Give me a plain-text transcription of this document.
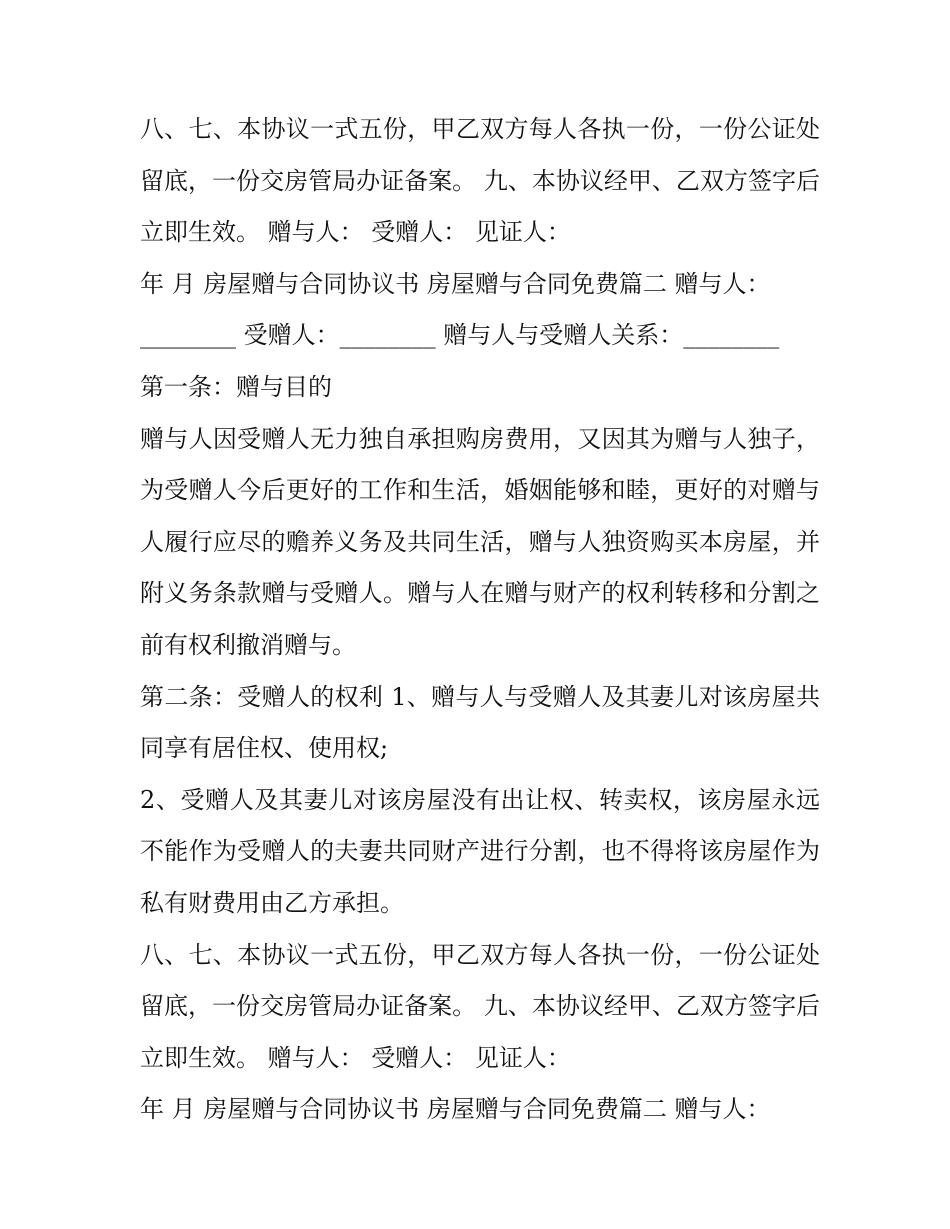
八、七、本协议一式五份，甲乙双方每人各执一份，一份公证处留底，一份交房管局办证备案。 九、本协议经甲、乙双方签字后立即生效。 赠与人： 受赠人： 见证人：

年 月 房屋赠与合同协议书 房屋赠与合同免费篇二 赠与人：

________ 受赠人：________ 赠与人与受赠人关系：________

第一条：赠与目的

赠与人因受赠人无力独自承担购房费用，又因其为赠与人独子，为受赠人今后更好的工作和生活，婚姻能够和睦，更好的对赠与人履行应尽的赡养义务及共同生活，赠与人独资购买本房屋，并附义务条款赠与受赠人。赠与人在赠与财产的权利转移和分割之前有权利撤消赠与。

第二条：受赠人的权利 1、赠与人与受赠人及其妻儿对该房屋共同享有居住权、使用权;

2、受赠人及其妻儿对该房屋没有出让权、转卖权，该房屋永远不能作为受赠人的夫妻共同财产进行分割，也不得将该房屋作为私有财费用由乙方承担。

八、七、本协议一式五份，甲乙双方每人各执一份，一份公证处留底，一份交房管局办证备案。 九、本协议经甲、乙双方签字后立即生效。 赠与人： 受赠人： 见证人：

年 月 房屋赠与合同协议书 房屋赠与合同免费篇二 赠与人：
